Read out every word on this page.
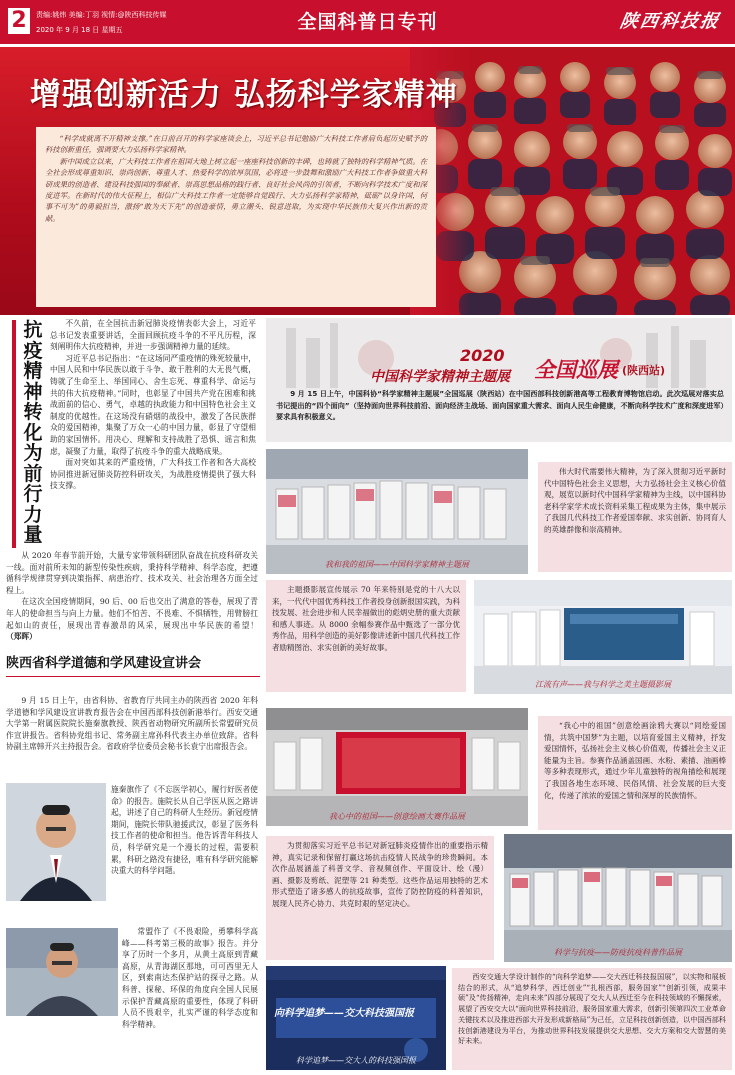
2	责编:姚炜 美编:丁羽 视情:@陕西科技传媒
2020 年 9 月 18 日 星期五	全国科普日专刊	陕西科技报
增强创新活力 弘扬科学家精神

“科学成就离不开精神支撑。”在日前召开的科学家座谈会上，习近平总书记勉励广大科技工作者肩负起历史赋予的科技创新重任，强调要大力弘扬科学家精神。

新中国成立以来，广大科技工作者在祖国大地上树立起一座座科技创新的丰碑，也铸就了独特的科学精神气质。在全社会形成尊重知识、崇尚创新、尊重人才、热爱科学的浓厚氛围，必将进一步鼓舞和激励广大科技工作者争做重大科研成果的创造者、建设科技强国的奉献者、崇高思想品格的践行者、良好社会风尚的引领者，不断向科学技术广度和深度进军。在新时代的伟大征程上，相信广大科技工作者一定能够自觉践行、大力弘扬科学家精神，砥砺“以身许国，何事不可为”的勇毅担当，激扬“敢为天下先”的创造豪情，勇立潮头、锐意进取，为实现中华民族伟大复兴作出新的贡献。

抗疫精神转化为前行力量

不久前，在全国抗击新冠肺炎疫情表彰大会上，习近平总书记发表重要讲话，全面回顾抗疫斗争的不平凡历程，深刻阐明伟大抗疫精神，并进一步强调精神力量的延续。

习近平总书记指出：“在这场同严重疫情的殊死较量中，中国人民和中华民族以敢于斗争、敢于胜利的大无畏气概，铸就了生命至上、举国同心、舍生忘死、尊重科学、命运与共的伟大抗疫精神。”同时，也彰显了中国共产党在困难和挑战面前的信心、勇气，卓越的执政能力和中国特色社会主义制度的优越性。在这场没有硝烟的战役中，激发了各民族群众的爱国精神，集聚了万众一心的中国力量，彰显了守望相助的家国情怀。用决心、理解和支持战胜了恐惧、谣言和焦虑，凝聚了力量，取得了抗疫斗争的重大战略成果。

面对突如其来的严重疫情，广大科技工作者和各大高校协同推进新冠肺炎防控科研攻关，为战胜疫情提供了强大科技支撑。

从 2020 年春节前开始，大量专家带领科研团队奋战在抗疫科研攻关一线。面对前所未知的新型传染性疾病，秉持科学精神、科学态度，把遵循科学规律贯穿到决策指挥、病患治疗、技术攻关、社会治理各方面全过程上。

在这次全国疫情期间，90 后、00 后也交出了满意的答卷，展现了青年人的使命担当与向上力量。他们不怕苦、不畏难、不惧牺牲，用臂膀扛起如山的责任，展现出青春激昂的风采，展现出中华民族的希望！（郑晖）

陕西省科学道德和学风建设宣讲会

9 月 15 日上午，由省科协、省教育厅共同主办的陕西省 2020 年科学道德和学风建设宣讲教育报告会在中国西部科技创新港举行。西安交通大学第一附属医院院长施秦旗教授、陕西省动物研究所副所长常盟研究员作宣讲报告。省科协党组书记、常务副主席孙科代表主办单位致辞。省科协副主席韩开兴主持报告会。省政府学位委员会秘书长袁宁出席报告会。

施秦旗作了《不忘医学初心，履行好医者使命》的报告。施院长从自己学医从医之路讲起，讲述了自己的科研人生经历。新冠疫情期间，施院长带队驰援武汉，彰显了医务科技工作者的使命和担当。他告诉青年科技人员，科学研究是一个漫长的过程，需要积累，科研之路没有捷径，唯有科学研究能解决重大的科学问题。

常盟作了《不畏艰险，勇攀科学高峰——科考第三极的故事》报告。并分享了历时一个多月，从黄土高原到青藏高原，从青海湖区那地，可可西里无人区，到索南达杰保护站的探寻之路。从科普、探秘、环保的角度向全国人民展示保护青藏高原的重要性，体现了科研人员不畏艰辛，扎实严谨的科学态度和科学精神。

2020
中国科学家精神主题展 全国巡展 (陕西站)

9 月 15 日上午，中国科协“科学家精神主题展”全国巡展（陕西站）在中国西部科技创新港高等工程教育博物馆启动。此次巡展对落实总书记提出的“四个面向”（坚持面向世界科技前沿、面向经济主战场、面向国家重大需求、面向人民生命健康，不断向科学技术广度和深度进军）要求具有积极意义。

我和我的祖国——中国科学家精神主题展

伟大时代需要伟大精神，为了深入贯彻习近平新时代中国特色社会主义思想，大力弘扬社会主义核心价值观，展览以新时代中国科学家精神为主线，以中国科协老科学家学术成长资料采集工程成果为主体，集中展示了我国几代科技工作者爱国奉献、求实创新、协同育人的英雄群像和崇高精神。

主题摄影展宣传展示 70 年来特别是党的十八大以来，一代代中国优秀科技工作者投身创新报国实践，为科技发展、社会进步和人民幸福做出的彪炳史册的重大贡献和感人事迹。从 8000 余幅参赛作品中甄选了一部分优秀作品，用科学创造的美好影像讲述新中国几代科技工作者励精图治、求实创新的美好故事。

江流有声——我与科学之美主题摄影展
我心中的祖国——创意绘画大赛作品展

“我心中的祖国”创意绘画涂鸦大赛以“同绘爱国情，共筑中国梦”为主题，以培育爱国主义精神，抒发爱国情怀，弘扬社会主义核心价值观，传播社会主义正能量为主旨。参赛作品涵盖国画、水粉、素描、油画棒等多种表现形式，通过少年儿童独特的视角描绘和展现了我国各地生态环境、民俗风情、社会发展的巨大变化，传递了浓浓的爱国之情和深厚的民族情怀。

为贯彻落实习近平总书记对新冠肺炎疫情作出的重要指示精神，真实记录和保留打赢这场抗击疫情人民战争的珍贵瞬间。本次作品展涵盖了科普文学、音视频创作、平面设计、绘（漫）画、摄影及剪纸、泥塑等 21 种类型。这些作品运用独特的艺术形式塑造了诸多感人的抗疫故事，宣传了防控防疫的科普知识，展现人民齐心协力、共克时艰的坚定决心。

科学与抗疫——防疫抗疫科普作品展
向科学追梦——交大科技强国报
科学追梦——交大人的科技强国报

西安交通大学设计制作的“向科学追梦——交大西迁科技报国展”，以实物和展板结合的形式，从“追梦科学，西迁创业”“扎根西部，服务国家”“创新引领，成果丰硕”及“传扬精神，走向未来”四部分展现了交大人从西迁至今在科技领域的不懈探索，展望了西安交大以“面向世界科技前沿，服务国家重大需求，创新引领第四次工业革命关键技术以及推进西部大开发形成新格局”为己任，立足科技创新创造，以中国西部科技创新港建设为平台，为推动世界科技发展提供交大思想、交大方案和交大智慧的美好未来。
